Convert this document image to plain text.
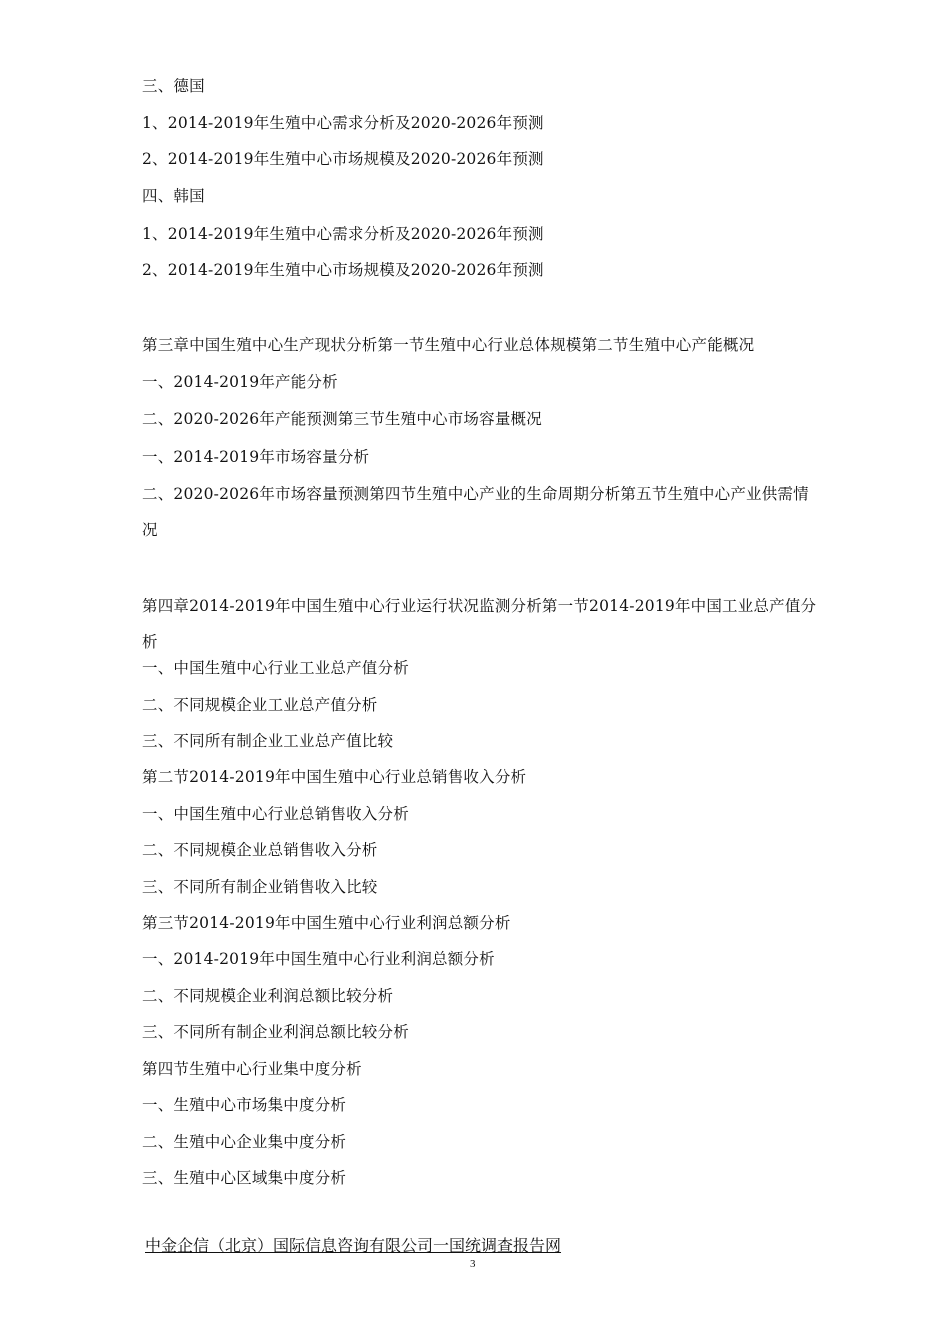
三、德国
1、2014-2019年生殖中心需求分析及2020-2026年预测
2、2014-2019年生殖中心市场规模及2020-2026年预测
四、韩国
1、2014-2019年生殖中心需求分析及2020-2026年预测
2、2014-2019年生殖中心市场规模及2020-2026年预测
第三章中国生殖中心生产现状分析第一节生殖中心行业总体规模第二节生殖中心产能概况
一、2014-2019年产能分析
二、2020-2026年产能预测第三节生殖中心市场容量概况
一、2014-2019年市场容量分析
二、2020-2026年市场容量预测第四节生殖中心产业的生命周期分析第五节生殖中心产业供需情况
第四章2014-2019年中国生殖中心行业运行状况监测分析第一节2014-2019年中国工业总产值分析
一、中国生殖中心行业工业总产值分析
二、不同规模企业工业总产值分析
三、不同所有制企业工业总产值比较
第二节2014-2019年中国生殖中心行业总销售收入分析
一、中国生殖中心行业总销售收入分析
二、不同规模企业总销售收入分析
三、不同所有制企业销售收入比较
第三节2014-2019年中国生殖中心行业利润总额分析
一、2014-2019年中国生殖中心行业利润总额分析
二、不同规模企业利润总额比较分析
三、不同所有制企业利润总额比较分析
第四节生殖中心行业集中度分析
一、生殖中心市场集中度分析
二、生殖中心企业集中度分析
三、生殖中心区域集中度分析
中金企信（北京）国际信息咨询有限公司一国统调查报告网
3
